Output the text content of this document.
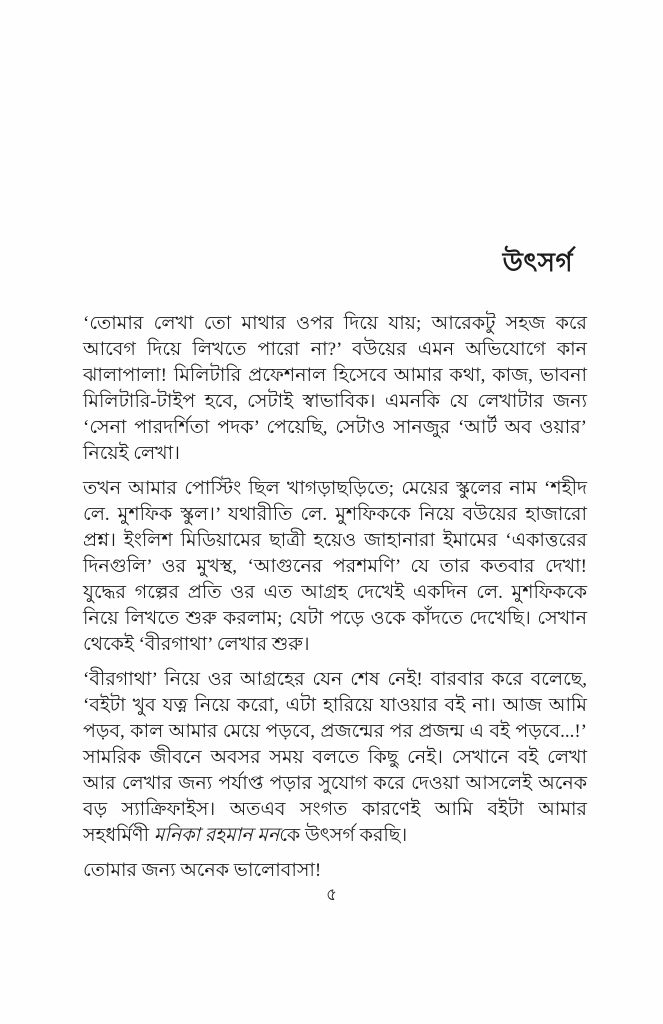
উৎসর্গ

‘তোমার লেখা তো মাথার ওপর দিয়ে যায়; আরেকটু সহজ করে আবেগ দিয়ে লিখতে পারো না?’ বউয়ের এমন অভিযোগে কান ঝালাপালা! মিলিটারি প্রফেশনাল হিসেবে আমার কথা, কাজ, ভাবনা মিলিটারি-টাইপ হবে, সেটাই স্বাভাবিক। এমনকি যে লেখাটার জন্য ‘সেনা পারদর্শিতা পদক’ পেয়েছি, সেটাও সানজুর ‘আর্ট অব ওয়ার’ নিয়েই লেখা।

তখন আমার পোস্টিং ছিল খাগড়াছড়িতে; মেয়ের স্কুলের নাম ‘শহীদ লে. মুশফিক স্কুল।’ যথারীতি লে. মুশফিককে নিয়ে বউয়ের হাজারো প্রশ্ন। ইংলিশ মিডিয়ামের ছাত্রী হয়েও জাহানারা ইমামের ‘একাত্তরের দিনগুলি’ ওর মুখস্থ, ‘আগুনের পরশমণি’ যে তার কতবার দেখা! যুদ্ধের গল্পের প্রতি ওর এত আগ্রহ দেখেই একদিন লে. মুশফিককে নিয়ে লিখতে শুরু করলাম; যেটা পড়ে ওকে কাঁদতে দেখেছি। সেখান থেকেই ‘বীরগাথা’ লেখার শুরু।

‘বীরগাথা’ নিয়ে ওর আগ্রহের যেন শেষ নেই! বারবার করে বলেছে, ‘বইটা খুব যত্ন নিয়ে করো, এটা হারিয়ে যাওয়ার বই না। আজ আমি পড়ব, কাল আমার মেয়ে পড়বে, প্রজন্মের পর প্রজন্ম এ বই পড়বে...!’ সামরিক জীবনে অবসর সময় বলতে কিছু নেই। সেখানে বই লেখা আর লেখার জন্য পর্যাপ্ত পড়ার সুযোগ করে দেওয়া আসলেই অনেক বড় স্যাক্রিফাইস। অতএব সংগত কারণেই আমি বইটা আমার সহধর্মিণী মনিকা রহমান মনকে উৎসর্গ করছি।

তোমার জন্য অনেক ভালোবাসা!

৫
